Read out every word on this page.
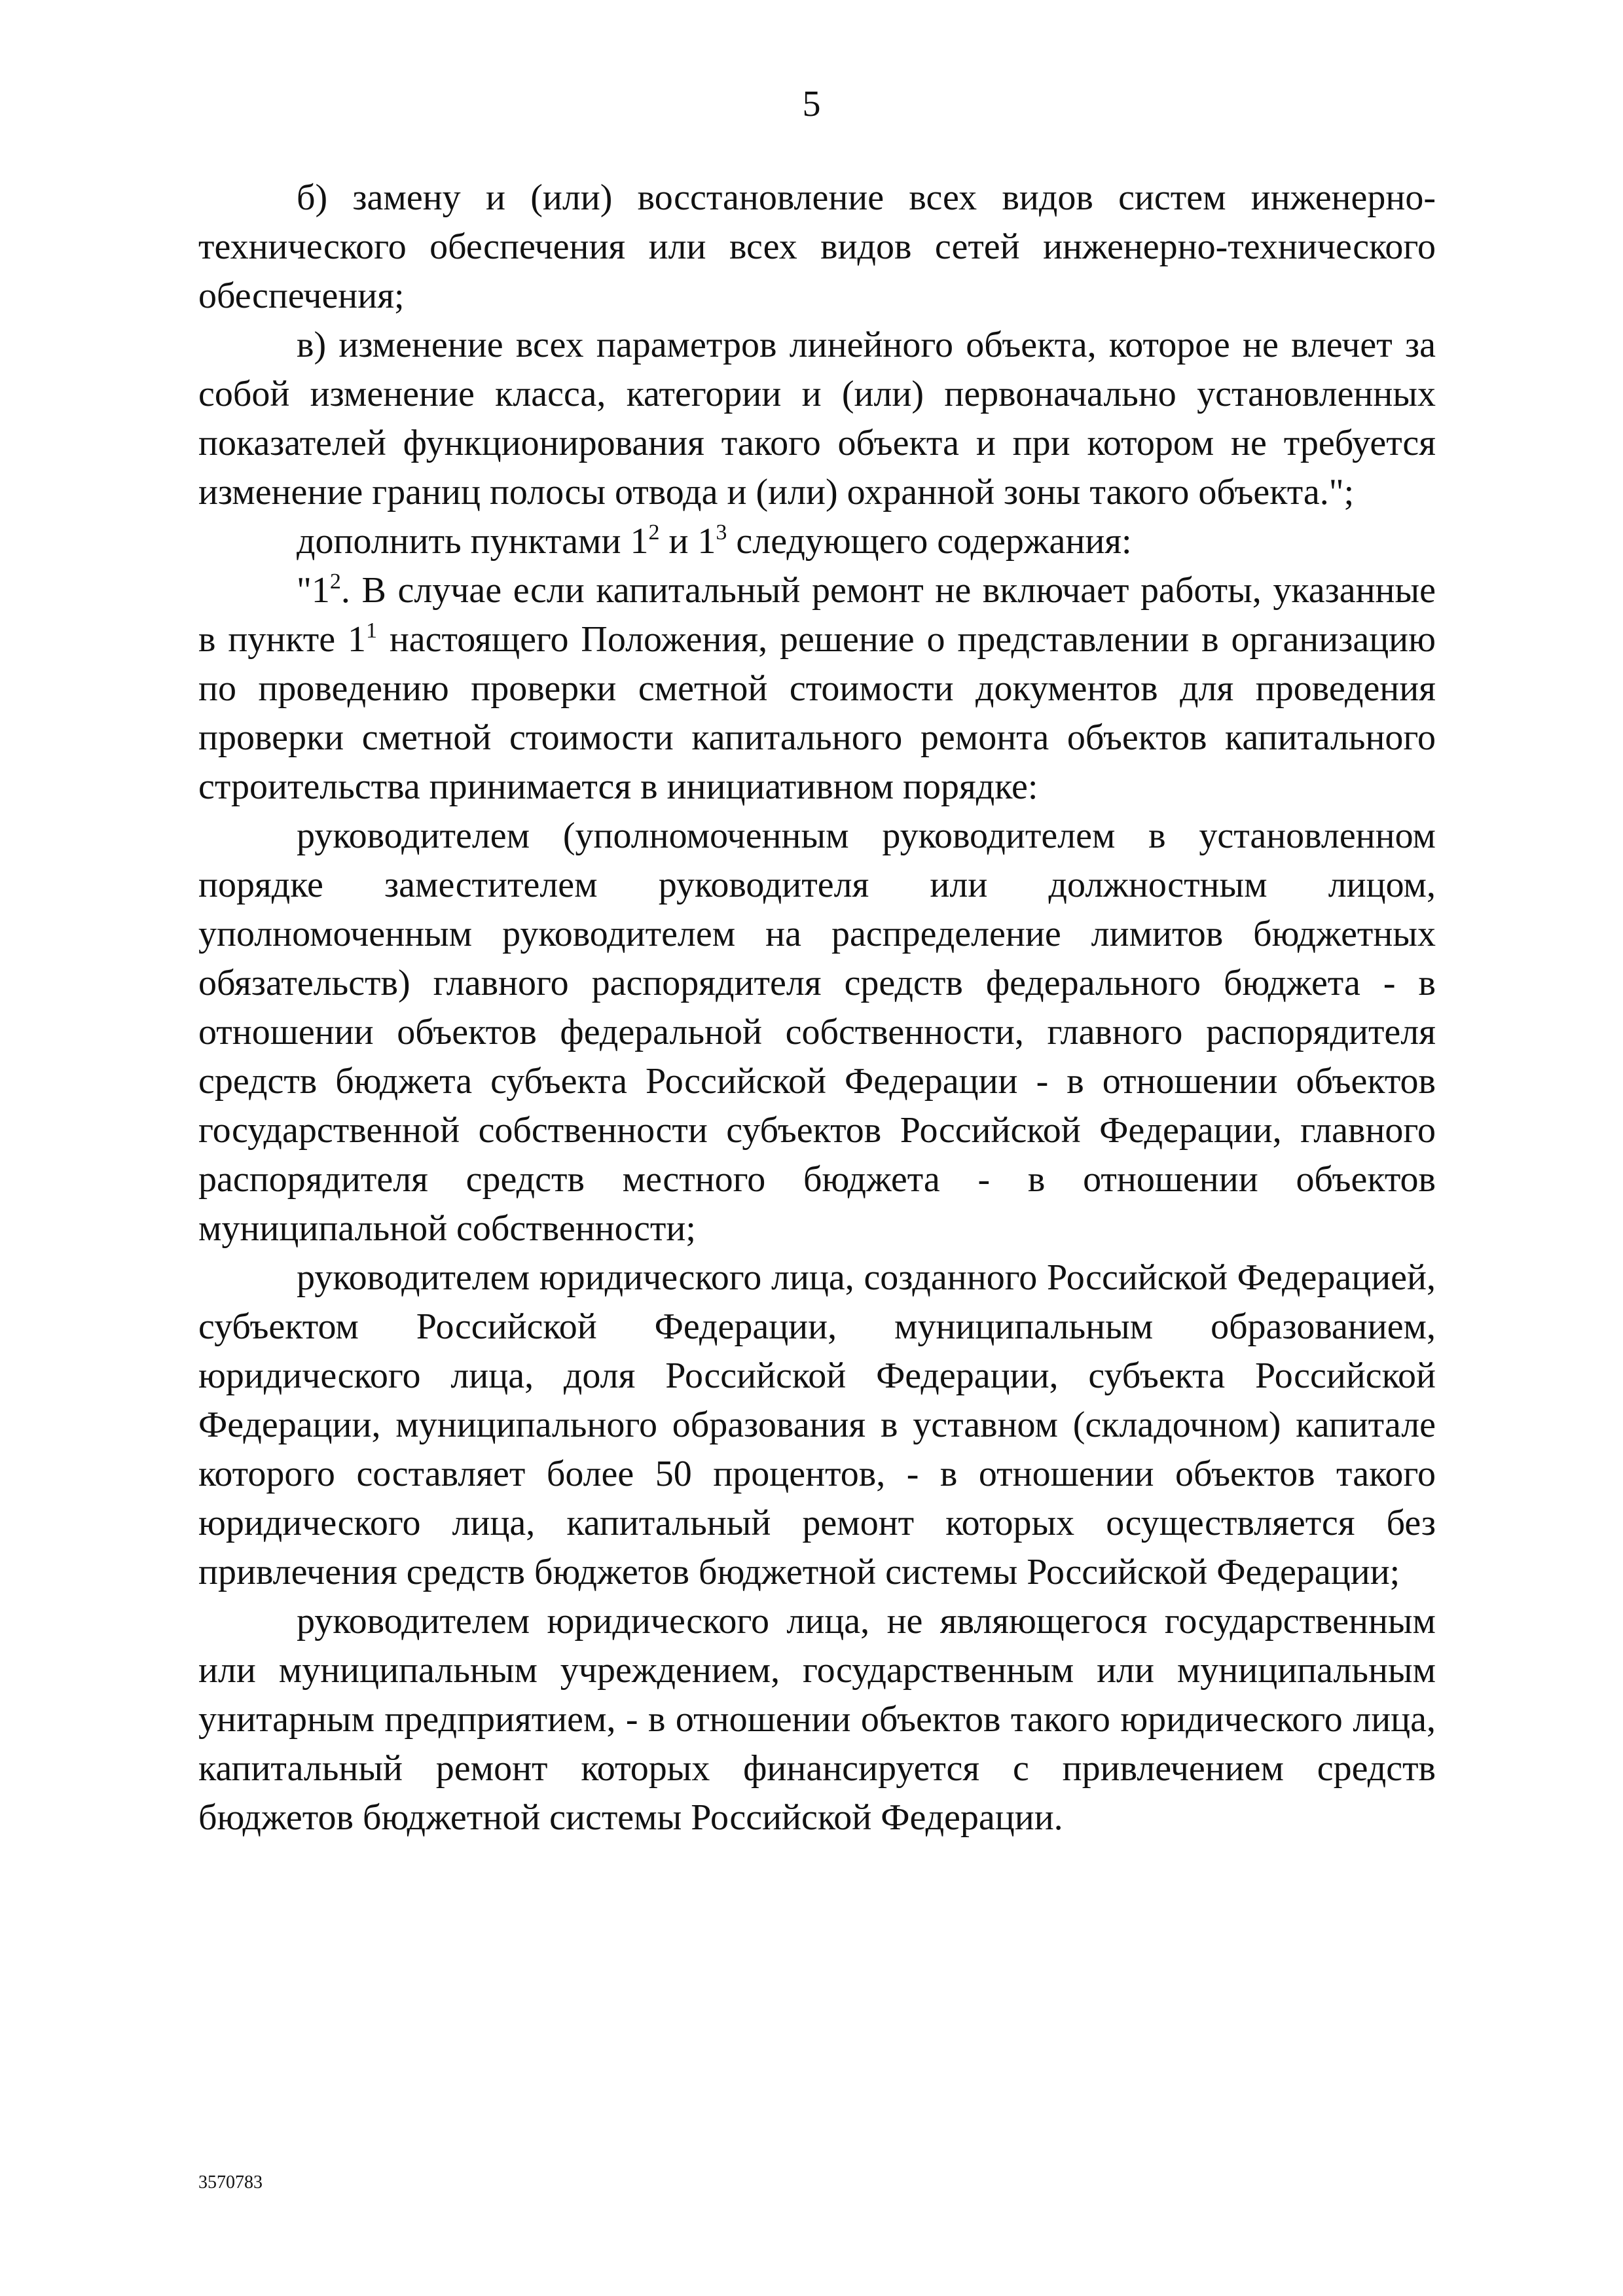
5

б) замену и (или) восстановление всех видов систем инженерно-технического обеспечения или всех видов сетей инженерно-технического обеспечения;

в) изменение всех параметров линейного объекта, которое не влечет за собой изменение класса, категории и (или) первоначально установленных показателей функционирования такого объекта и при котором не требуется изменение границ полосы отвода и (или) охранной зоны такого объекта.";

дополнить пунктами $1^2$ и $1^3$ следующего содержания:

"$1^2$. В случае если капитальный ремонт не включает работы, указанные в пункте $1^1$ настоящего Положения, решение о представлении в организацию по проведению проверки сметной стоимости документов для проведения проверки сметной стоимости капитального ремонта объектов капитального строительства принимается в инициативном порядке:

руководителем (уполномоченным руководителем в установленном порядке заместителем руководителя или должностным лицом, уполномоченным руководителем на распределение лимитов бюджетных обязательств) главного распорядителя средств федерального бюджета - в отношении объектов федеральной собственности, главного распорядителя средств бюджета субъекта Российской Федерации - в отношении объектов государственной собственности субъектов Российской Федерации, главного распорядителя средств местного бюджета - в отношении объектов муниципальной собственности;

руководителем юридического лица, созданного Российской Федерацией, субъектом Российской Федерации, муниципальным образованием, юридического лица, доля Российской Федерации, субъекта Российской Федерации, муниципального образования в уставном (складочном) капитале которого составляет более 50 процентов, - в отношении объектов такого юридического лица, капитальный ремонт которых осуществляется без привлечения средств бюджетов бюджетной системы Российской Федерации;

руководителем юридического лица, не являющегося государственным или муниципальным учреждением, государственным или муниципальным унитарным предприятием, - в отношении объектов такого юридического лица, капитальный ремонт которых финансируется с привлечением средств бюджетов бюджетной системы Российской Федерации.

3570783
